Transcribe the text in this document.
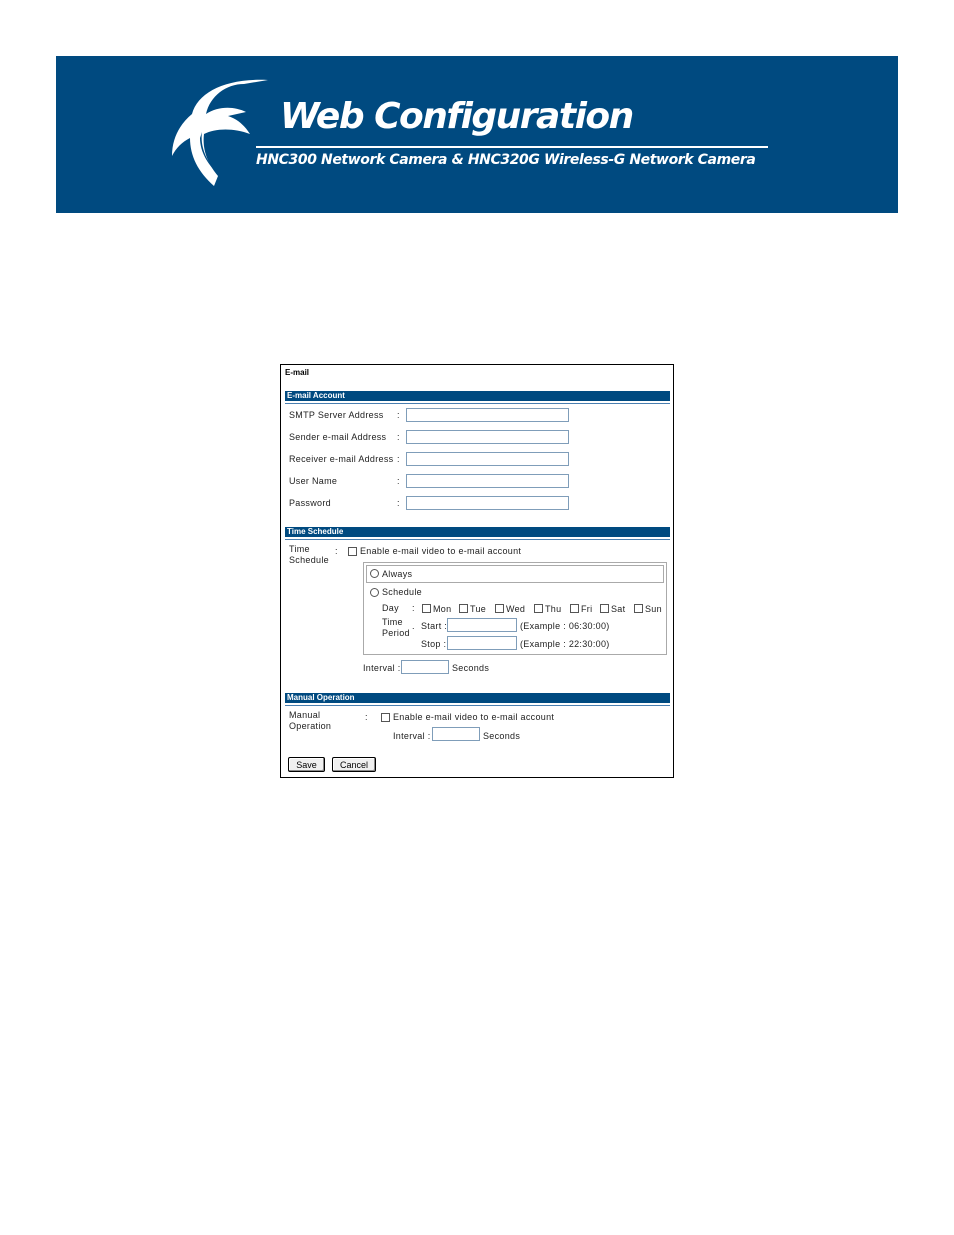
Web Configuration
HNC300 Network Camera & HNC320G Wireless-G Network Camera
E-mail
E-mail Account
SMTP Server Address :
Sender e-mail Address :
Receiver e-mail Address :
User Name	:
Password	:
Time Schedule
Time
Schedule
: Enable e-mail video to e-mail account
Always
Schedule
Day : Mon Tue Wed Thu Fri Sat Sun
Time
Period
. Start :	(Example : 06:30:00)
Stop :	(Example : 22:30:00)
Interval :	Seconds
Manual Operation
Manual
Operation
:	Enable e-mail video to e-mail account
Interval :	Seconds
Save	Cancel
